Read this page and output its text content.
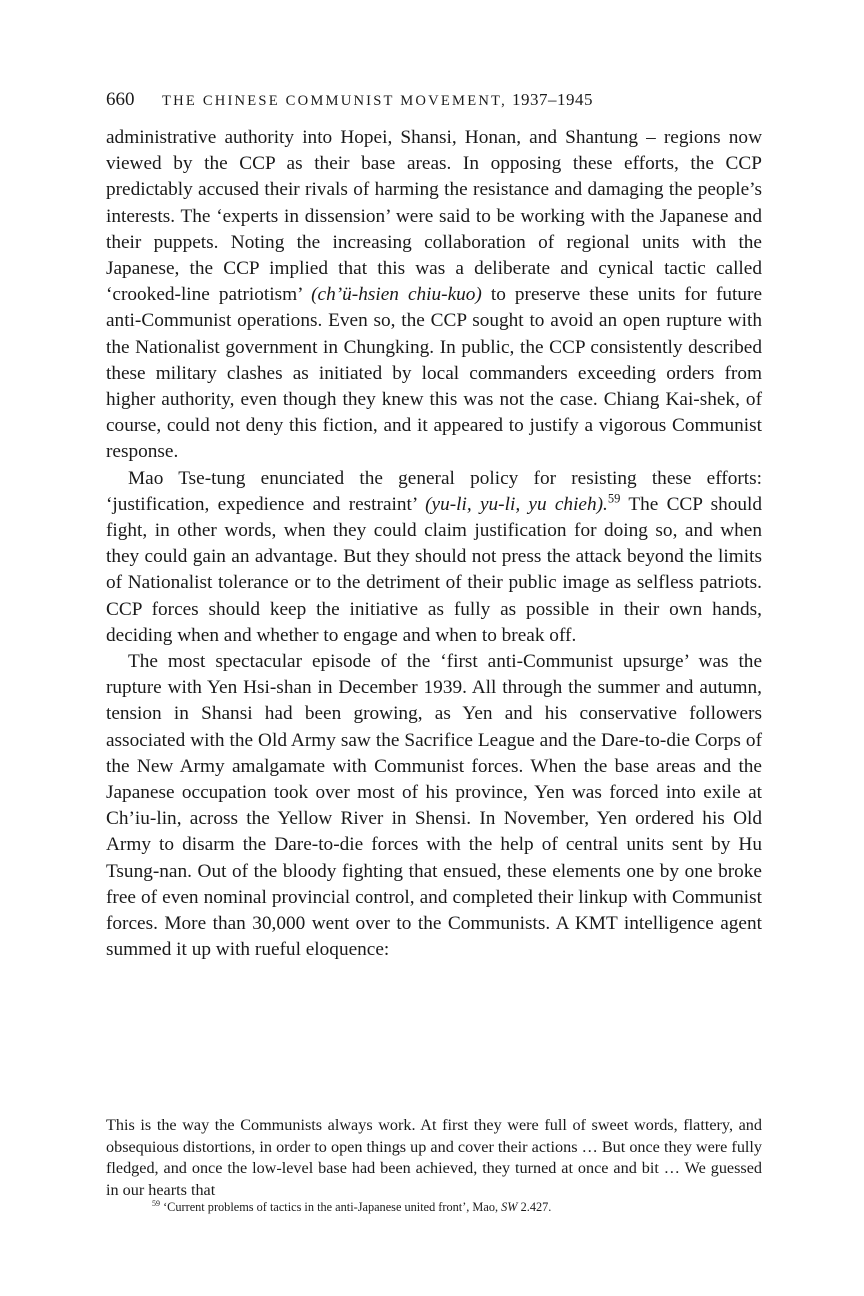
660 THE CHINESE COMMUNIST MOVEMENT, 1937–1945

administrative authority into Hopei, Shansi, Honan, and Shantung – regions now viewed by the CCP as their base areas. In opposing these efforts, the CCP predictably accused their rivals of harming the resistance and damaging the people’s interests. The ‘experts in dissension’ were said to be working with the Japanese and their puppets. Noting the increasing collaboration of regional units with the Japanese, the CCP implied that this was a deliberate and cynical tactic called ‘crooked-line patriotism’ (ch’ü-hsien chiu-kuo) to preserve these units for future anti-Communist operations. Even so, the CCP sought to avoid an open rupture with the Nationalist government in Chungking. In public, the CCP consistently described these military clashes as initiated by local commanders exceeding orders from higher authority, even though they knew this was not the case. Chiang Kai-shek, of course, could not deny this fiction, and it appeared to justify a vigorous Communist response.

Mao Tse-tung enunciated the general policy for resisting these efforts: ‘justification, expedience and restraint’ (yu-li, yu-li, yu chieh).$^{59}$ The CCP should fight, in other words, when they could claim justification for doing so, and when they could gain an advantage. But they should not press the attack beyond the limits of Nationalist tolerance or to the detriment of their public image as selfless patriots. CCP forces should keep the initiative as fully as possible in their own hands, deciding when and whether to engage and when to break off.

The most spectacular episode of the ‘first anti-Communist upsurge’ was the rupture with Yen Hsi-shan in December 1939. All through the summer and autumn, tension in Shansi had been growing, as Yen and his conservative followers associated with the Old Army saw the Sacrifice League and the Dare-to-die Corps of the New Army amalgamate with Communist forces. When the base areas and the Japanese occupation took over most of his province, Yen was forced into exile at Ch’iu-lin, across the Yellow River in Shensi. In November, Yen ordered his Old Army to disarm the Dare-to-die forces with the help of central units sent by Hu Tsung-nan. Out of the bloody fighting that ensued, these elements one by one broke free of even nominal provincial control, and completed their linkup with Communist forces. More than 30,000 went over to the Communists. A KMT intelligence agent summed it up with rueful eloquence:

This is the way the Communists always work. At first they were full of sweet words, flattery, and obsequious distortions, in order to open things up and cover their actions … But once they were fully fledged, and once the low-level base had been achieved, they turned at once and bit … We guessed in our hearts that

$^{59}$ ‘Current problems of tactics in the anti-Japanese united front’, Mao, SW 2.427.
